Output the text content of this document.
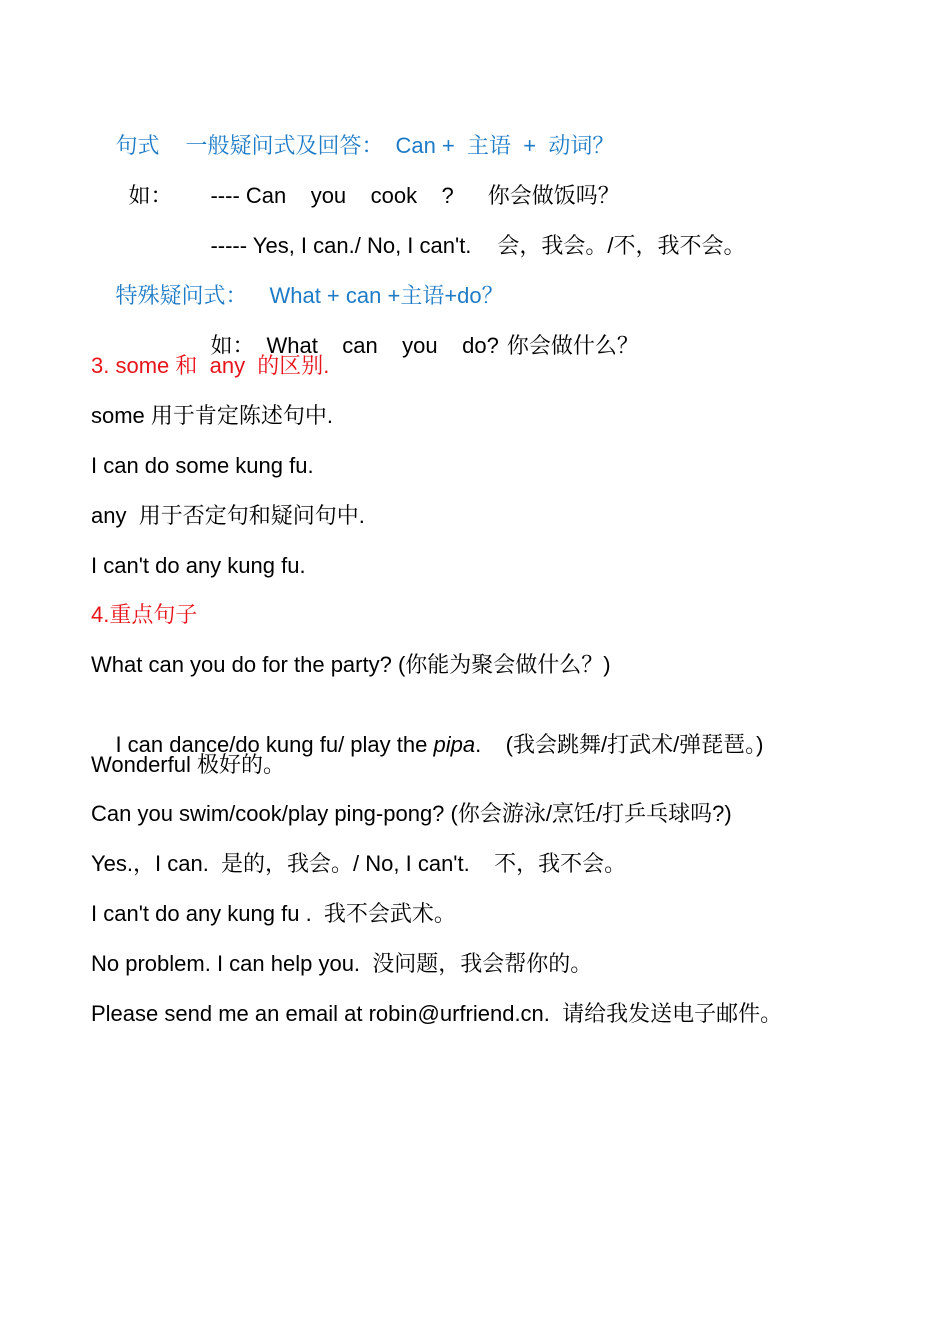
句式 一般疑问式及回答： Can +  主语  +  动词？

如： ---- Can    you    cook    ? 你会做饭吗？

----- Yes, I can./ No, I can't. 会，我会。/不，我不会。

特殊疑问式： What + can +主语+do？

如： What    can    you    do? 你会做什么？

3. some 和  any  的区别.
some 用于肯定陈述句中.
I can do some kung fu.
any  用于否定句和疑问句中.
I can't do any kung fu.
4.重点句子
What can you do for the party? (你能为聚会做什么？)

I can dance/do kung fu/ play the pipa.    (我会跳舞/打武术/弹琵琶。)

Wonderful 极好的。
Can you swim/cook/play ping-pong? (你会游泳/烹饪/打乒乓球吗?)
Yes.，I can.  是的，我会。/ No, I can't.    不，我不会。
I can't do any kung fu .  我不会武术。
No problem. I can help you.  没问题，我会帮你的。
Please send me an email at robin@urfriend.cn.  请给我发送电子邮件。
